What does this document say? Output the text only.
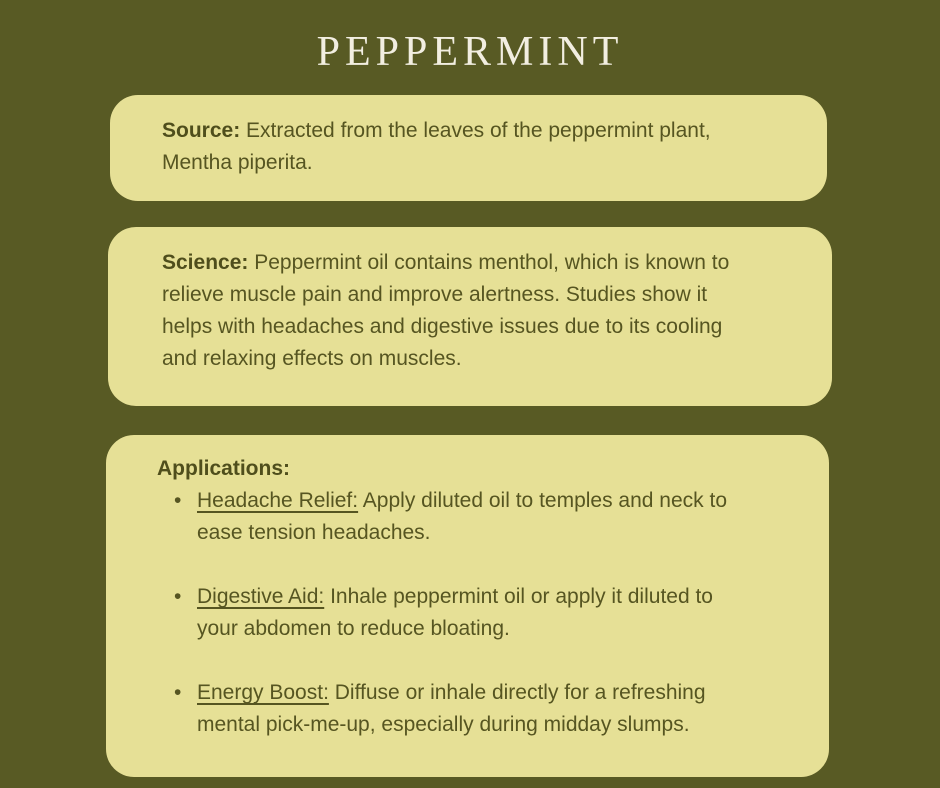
PEPPERMINT

Source: Extracted from the leaves of the peppermint plant, Mentha piperita.

Science: Peppermint oil contains menthol, which is known to relieve muscle pain and improve alertness. Studies show it helps with headaches and digestive issues due to its cooling and relaxing effects on muscles.

Applications:

• Headache Relief: Apply diluted oil to temples and neck to ease tension headaches.
• Digestive Aid: Inhale peppermint oil or apply it diluted to your abdomen to reduce bloating.
• Energy Boost: Diffuse or inhale directly for a refreshing mental pick-me-up, especially during midday slumps.
